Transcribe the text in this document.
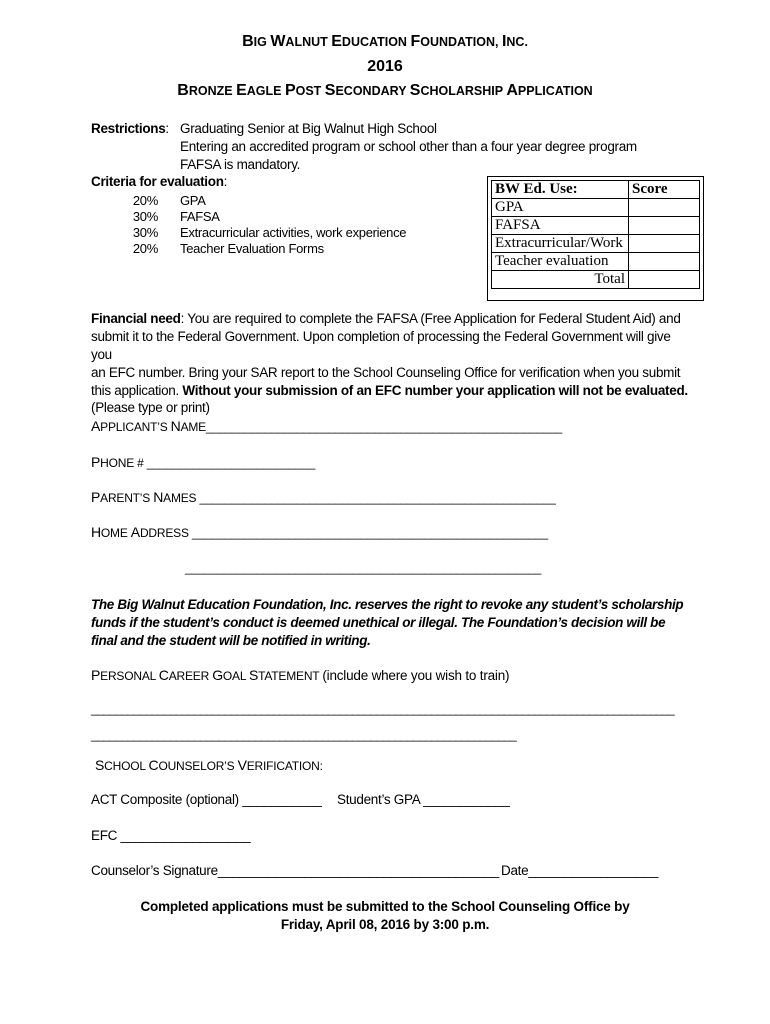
BIG WALNUT EDUCATION FOUNDATION, INC.
2016
BRONZE EAGLE POST SECONDARY SCHOLARSHIP APPLICATION
Restrictions: Graduating Senior at Big Walnut High School
Entering an accredited program or school other than a four year degree program
FAFSA is mandatory.
Criteria for evaluation:
20% GPA
30% FAFSA
30% Extracurricular activities, work experience
20% Teacher Evaluation Forms
BW Ed. Use:	Score
GPA	
FAFSA	
Extracurricular/Work	
Teacher evaluation	
Total	
Financial need: You are required to complete the FAFSA (Free Application for Federal Student Aid) and
submit it to the Federal Government. Upon completion of processing the Federal Government will give you
an EFC number. Bring your SAR report to the School Counseling Office for verification when you submit
this application. Without your submission of an EFC number your application will not be evaluated.
(Please type or print)
APPLICANT’S NAME_______________________________________________________
PHONE # __________________________
PARENT’S NAMES _______________________________________________________
HOME ADDRESS _______________________________________________________
_______________________________________________________
The Big Walnut Education Foundation, Inc. reserves the right to revoke any student’s scholarship
funds if the student’s conduct is deemed unethical or illegal. The Foundation’s decision will be
final and the student will be notified in writing.
PERSONAL CAREER GOAL STATEMENT (include where you wish to train)
________________________________________________________________________________________________
______________________________________________________________________
SCHOOL COUNSELOR’S VERIFICATION:
ACT Composite (optional) ___________ Student’s GPA ____________
EFC __________________
Counselor’s Signature_______________________________________ Date__________________
Completed applications must be submitted to the School Counseling Office by
Friday, April 08, 2016 by 3:00 p.m.
